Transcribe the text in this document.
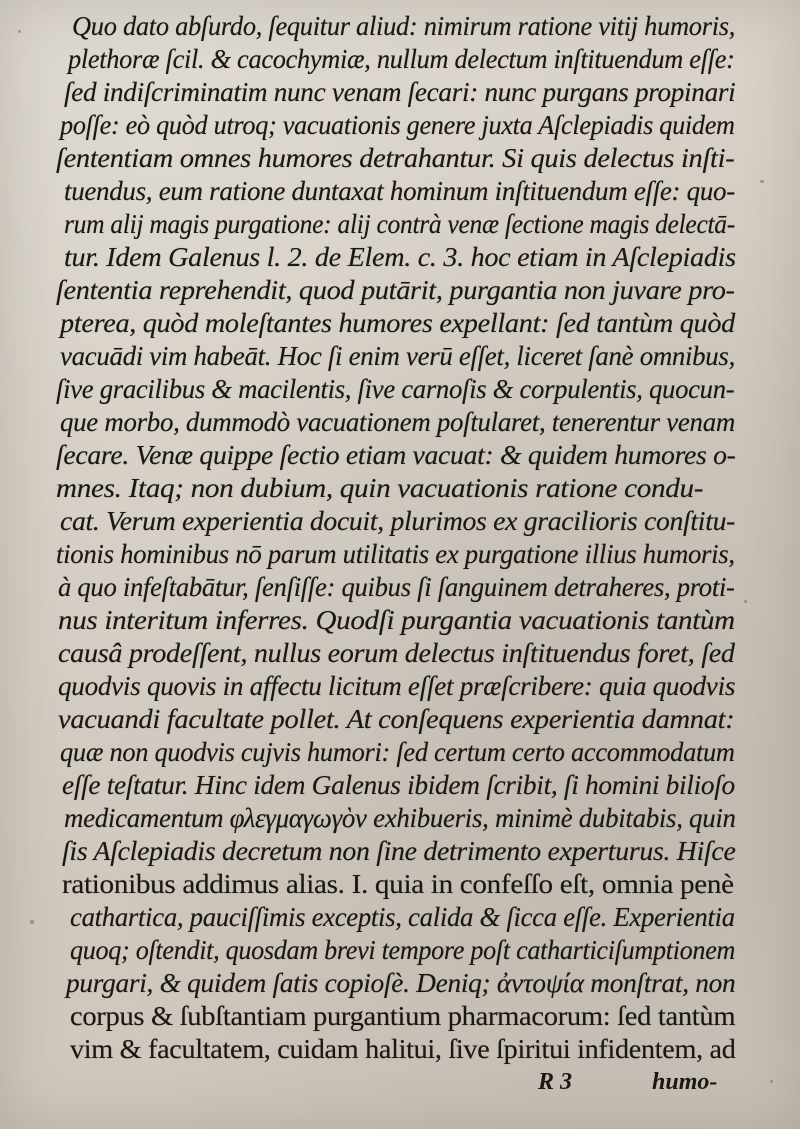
Quo dato abſurdo, ſequitur aliud: nimirum ratione vitij humoris,
plethoræ ſcil. & cacochymiæ, nullum delectum inſtituendum eſſe:
ſed indiſcriminatim nunc venam ſecari: nunc purgans propinari
poſſe: eò quòd utroq; vacuationis genere juxta Aſclepiadis quidem
ſententiam omnes humores detrahantur. Si quis delectus inſti-
tuendus, eum ratione duntaxat hominum inſtituendum eſſe: quo-
rum alij magis purgatione: alij contrà venæ ſectione magis delectā-
tur. Idem Galenus l. 2. de Elem. c. 3. hoc etiam in Aſclepiadis
ſententia reprehendit, quod putārit, purgantia non juvare pro-
pterea, quòd moleſtantes humores expellant: ſed tantùm quòd
vacuādi vim habeāt. Hoc ſi enim verū eſſet, liceret ſanè omnibus,
ſive gracilibus & macilentis, ſive carnoſis & corpulentis, quocun-
que morbo, dummodò vacuationem poſtularet, tenerentur venam
ſecare. Venæ quippe ſectio etiam vacuat: & quidem humores o-
mnes. Itaq; non dubium, quin vacuationis ratione condu-
cat. Verum experientia docuit, plurimos ex gracilioris conſtitu-
tionis hominibus nō parum utilitatis ex purgatione illius humoris,
à quo infeſtabātur, ſenſiſſe: quibus ſi ſanguinem detraheres, proti-
nus interitum inferres. Quodſi purgantia vacuationis tantùm
causâ prodeſſent, nullus eorum delectus inſtituendus foret, ſed
quodvis quovis in affectu licitum eſſet præſcribere: quia quodvis
vacuandi facultate pollet. At conſequens experientia damnat:
quæ non quodvis cujvis humori: ſed certum certo accommodatum
eſſe teſtatur. Hinc idem Galenus ibidem ſcribit, ſi homini bilioſo
medicamentum φλεγμαγωγὸν exhibueris, minimè dubitabis, quin
ſis Aſclepiadis decretum non ſine detrimento experturus. Hiſce
rationibus addimus alias. I. quia in confeſſo eſt, omnia penè
cathartica, pauciſſimis exceptis, calida & ſicca eſſe. Experientia
quoq; oſtendit, quosdam brevi tempore poſt catharticiſumptionem
purgari, & quidem ſatis copioſè. Deniq; ἀντοψία monſtrat, non
corpus & ſubſtantiam purgantium pharmacorum: ſed tantùm
vim & facultatem, cuidam halitui, ſive ſpiritui infidentem, ad
R 3	humo-
